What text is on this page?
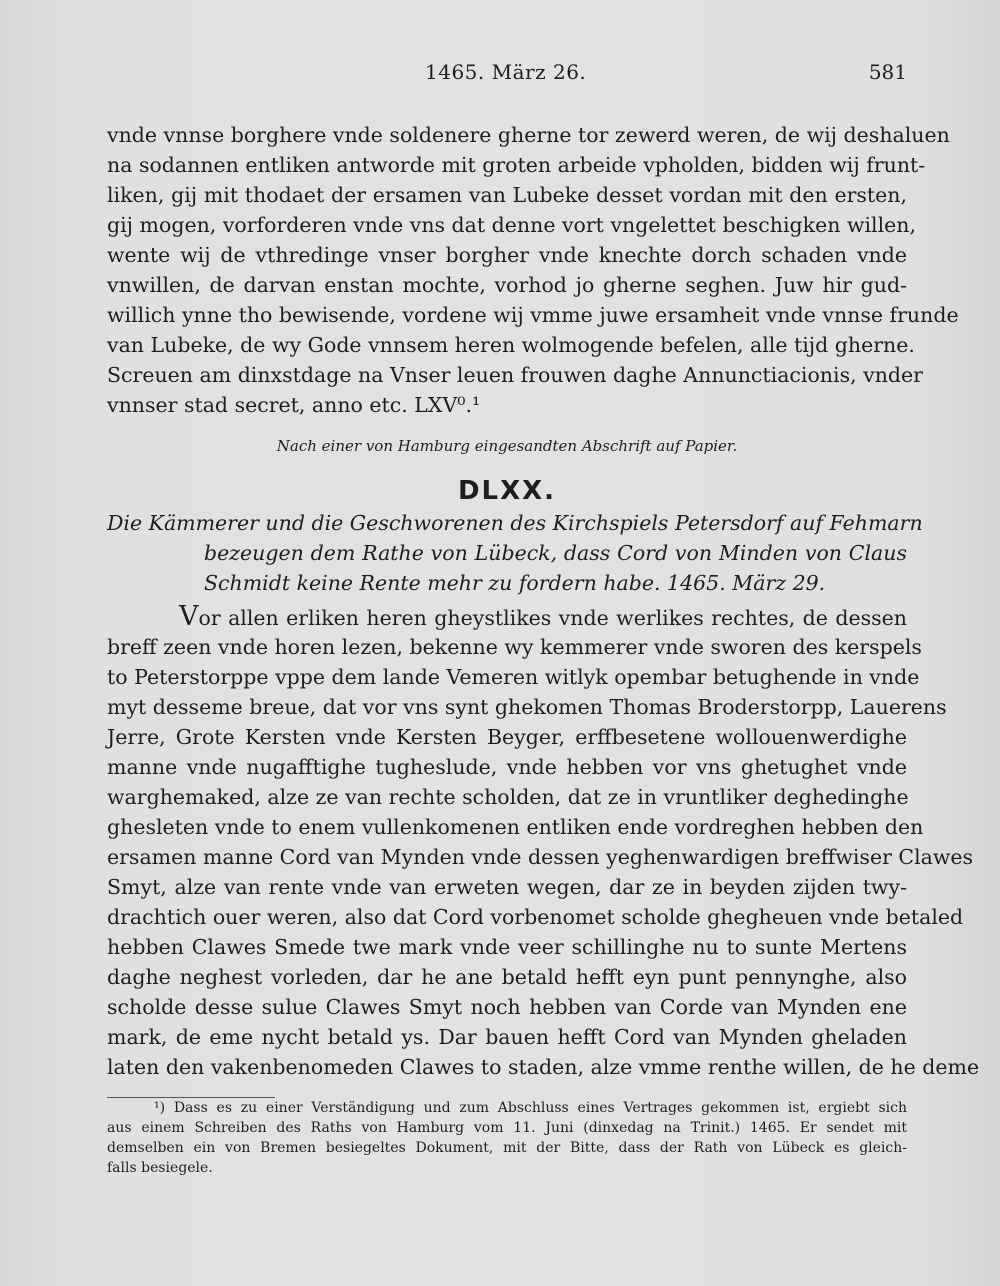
1465. März 26.	581
vnde vnnse borghere vnde soldenere gherne tor zewerd weren, de wij deshaluen
na sodannen entliken antworde mit groten arbeide vpholden, bidden wij frunt-
liken, gij mit thodaet der ersamen van Lubeke desset vordan mit den ersten,
gij mogen, vorforderen vnde vns dat denne vort vngelettet beschigken willen,
wente wij de vthredinge vnser borgher vnde knechte dorch schaden vnde
vnwillen, de darvan enstan mochte, vorhod jo gherne seghen. Juw hir gud-
willich ynne tho bewisende, vordene wij vmme juwe ersamheit vnde vnnse frunde
van Lubeke, de wy Gode vnnsem heren wolmogende befelen, alle tijd gherne.
Screuen am dinxstdage na Vnser leuen frouwen daghe Annunctiacionis, vnder
vnnser stad secret, anno etc. LXV⁰.¹
Nach einer von Hamburg eingesandten Abschrift auf Papier.
DLXX.
Die Kämmerer und die Geschworenen des Kirchspiels Petersdorf auf Fehmarn
bezeugen dem Rathe von Lübeck, dass Cord von Minden von Claus
Schmidt keine Rente mehr zu fordern habe. 1465. März 29.
Vor allen erliken heren gheystlikes vnde werlikes rechtes, de dessen
breff zeen vnde horen lezen, bekenne wy kemmerer vnde sworen des kerspels
to Peterstorppe vppe dem lande Vemeren witlyk opembar betughende in vnde
myt desseme breue, dat vor vns synt ghekomen Thomas Broderstorpp, Lauerens
Jerre, Grote Kersten vnde Kersten Beyger, erffbesetene wollouenwerdighe
manne vnde nugafftighe tugheslude, vnde hebben vor vns ghetughet vnde
warghemaked, alze ze van rechte scholden, dat ze in vruntliker deghedinghe
ghesleten vnde to enem vullenkomenen entliken ende vordreghen hebben den
ersamen manne Cord van Mynden vnde dessen yeghenwardigen breffwiser Clawes
Smyt, alze van rente vnde van erweten wegen, dar ze in beyden zijden twy-
drachtich ouer weren, also dat Cord vorbenomet scholde ghegheuen vnde betaled
hebben Clawes Smede twe mark vnde veer schillinghe nu to sunte Mertens
daghe neghest vorleden, dar he ane betald hefft eyn punt pennynghe, also
scholde desse sulue Clawes Smyt noch hebben van Corde van Mynden ene
mark, de eme nycht betald ys. Dar bauen hefft Cord van Mynden gheladen
laten den vakenbenomeden Clawes to staden, alze vmme renthe willen, de he deme
¹) Dass es zu einer Verständigung und zum Abschluss eines Vertrages gekommen ist, ergiebt sich
aus einem Schreiben des Raths von Hamburg vom 11. Juni (dinxedag na Trinit.) 1465. Er sendet mit
demselben ein von Bremen besiegeltes Dokument, mit der Bitte, dass der Rath von Lübeck es gleich-
falls besiegele.
